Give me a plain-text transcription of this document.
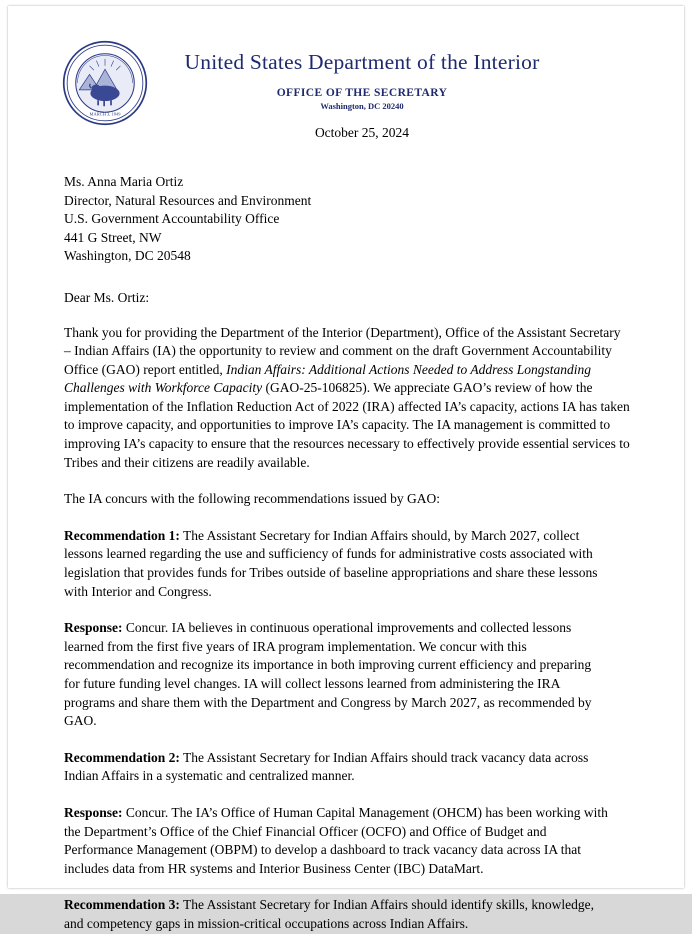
MARCH 3, 1849
United States Department of the Interior
OFFICE OF THE SECRETARY
Washington, DC 20240
October 25, 2024
Ms. Anna Maria Ortiz
Director, Natural Resources and Environment
U.S. Government Accountability Office
441 G Street, NW
Washington, DC 20548
Dear Ms. Ortiz:

Thank you for providing the Department of the Interior (Department), Office of the Assistant Secretary – Indian Affairs (IA) the opportunity to review and comment on the draft Government Accountability Office (GAO) report entitled, Indian Affairs: Additional Actions Needed to Address Longstanding Challenges with Workforce Capacity (GAO-25-106825). We appreciate GAO’s review of how the implementation of the Inflation Reduction Act of 2022 (IRA) affected IA’s capacity, actions IA has taken to improve capacity, and opportunities to improve IA’s capacity. The IA management is committed to improving IA’s capacity to ensure that the resources necessary to effectively provide essential services to Tribes and their citizens are readily available.

The IA concurs with the following recommendations issued by GAO:

Recommendation 1: The Assistant Secretary for Indian Affairs should, by March 2027, collect lessons learned regarding the use and sufficiency of funds for administrative costs associated with legislation that provides funds for Tribes outside of baseline appropriations and share these lessons with Interior and Congress.

Response: Concur. IA believes in continuous operational improvements and collected lessons learned from the first five years of IRA program implementation. We concur with this recommendation and recognize its importance in both improving current efficiency and preparing for future funding level changes. IA will collect lessons learned from administering the IRA programs and share them with the Department and Congress by March 2027, as recommended by GAO.

Recommendation 2: The Assistant Secretary for Indian Affairs should track vacancy data across Indian Affairs in a systematic and centralized manner.

Response: Concur. The IA’s Office of Human Capital Management (OHCM) has been working with the Department’s Office of the Chief Financial Officer (OCFO) and Office of Budget and Performance Management (OBPM) to develop a dashboard to track vacancy data across IA that includes data from HR systems and Interior Business Center (IBC) DataMart.

Recommendation 3: The Assistant Secretary for Indian Affairs should identify skills, knowledge, and competency gaps in mission-critical occupations across Indian Affairs.
